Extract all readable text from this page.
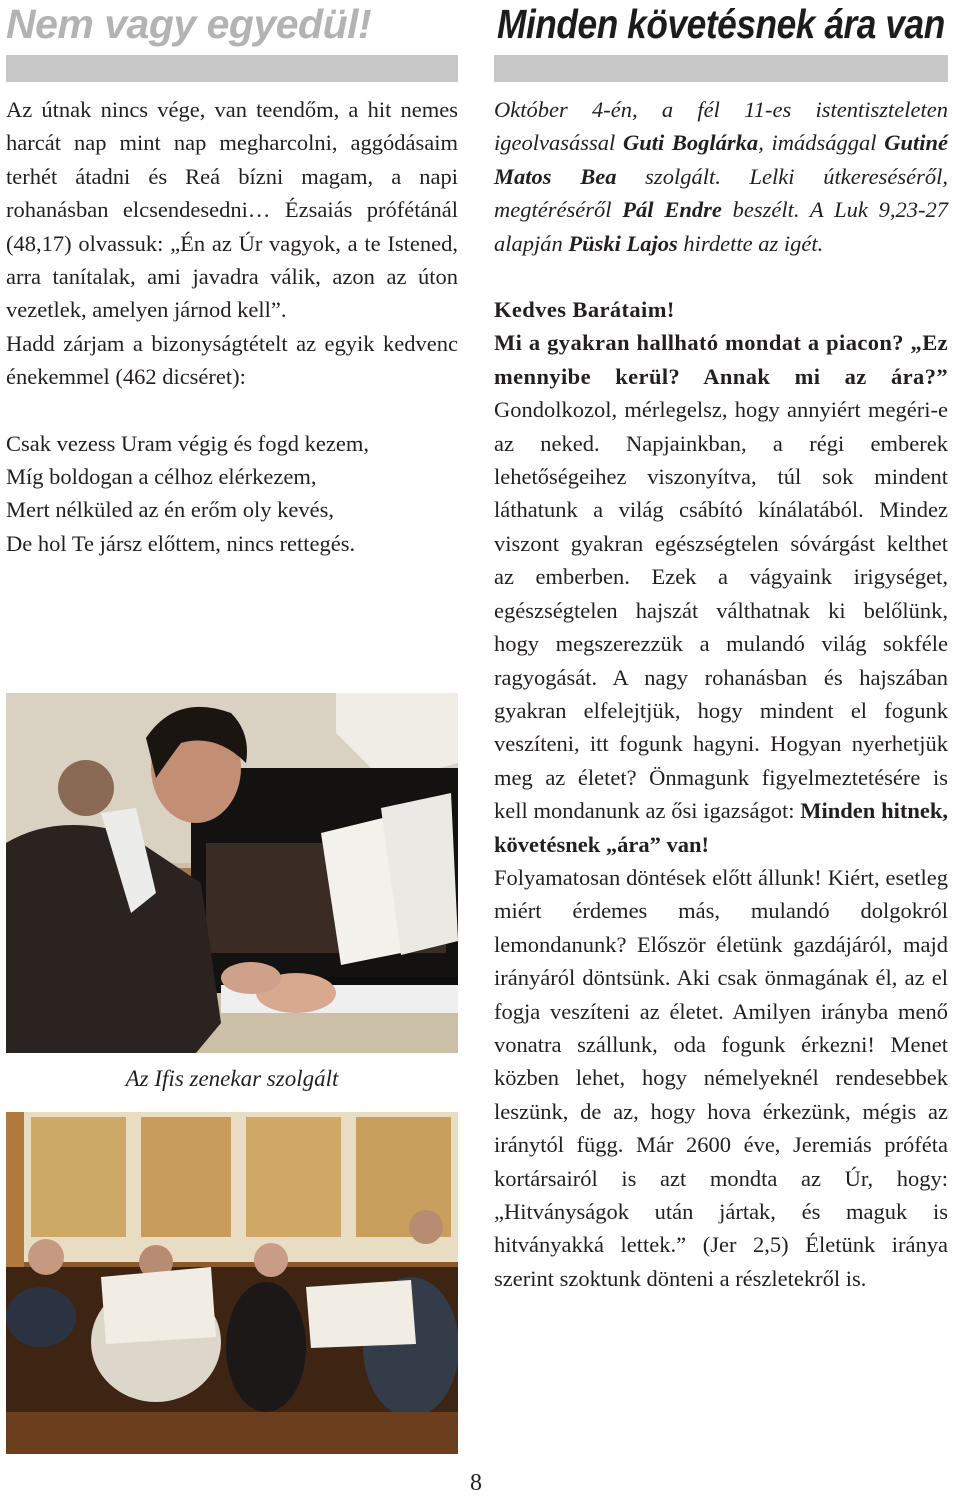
Nem vagy egyedül!

Az útnak nincs vége, van teendőm, a hit nemes harcát nap mint nap megharcolni, aggódásaim terhét átadni és Reá bízni magam, a napi rohanásban elcsendesedni… Ézsaiás prófétánál (48,17) olvassuk: „Én az Úr vagyok, a te Istened, arra tanítalak, ami javadra válik, azon az úton vezetlek, amelyen járnod kell”.

Hadd zárjam a bizonyságtételt az egyik kedvenc énekemmel (462 dicséret):

Csak vezess Uram végig és fogd kezem,
Míg boldogan a célhoz elérkezem,
Mert nélküled az én erőm oly kevés,
De hol Te jársz előttem, nincs rettegés.
Az Ifis zenekar szolgált
Minden követésnek ára van

Október 4-én, a fél 11-es istentiszteleten igeolvasással Guti Boglárka, imádsággal Gutiné Matos Bea szolgált. Lelki útkereséséről, megtéréséről Pál Endre beszélt. A Luk 9,23-27 alapján Püski Lajos hirdette az igét.

Kedves Barátaim!

Mi a gyakran hallható mondat a piacon? „Ez mennyibe kerül? Annak mi az ára?” Gondolkozol, mérlegelsz, hogy annyiért megéri-e az neked. Napjainkban, a régi emberek lehetőségeihez viszonyítva, túl sok mindent láthatunk a világ csábító kínálatából. Mindez viszont gyakran egészségtelen sóvárgást kelthet az emberben. Ezek a vágyaink irigységet, egészségtelen hajszát válthatnak ki belőlünk, hogy megszerezzük a mulandó világ sokféle ragyogását. A nagy rohanásban és hajszában gyakran elfelejtjük, hogy mindent el fogunk veszíteni, itt fogunk hagyni. Hogyan nyerhetjük meg az életet? Önmagunk figyelmeztetésére is kell mondanunk az ősi igazságot: Minden hitnek, követésnek „ára” van!

Folyamatosan döntések előtt állunk! Kiért, esetleg miért érdemes más, mulandó dolgokról lemondanunk? Először életünk gazdájáról, majd irányáról döntsünk. Aki csak önmagának él, az el fogja veszíteni az életet. Amilyen irányba menő vonatra szállunk, oda fogunk érkezni! Menet közben lehet, hogy némelyeknél rendesebbek leszünk, de az, hogy hova érkezünk, mégis az iránytól függ. Már 2600 éve, Jeremiás próféta kortársairól is azt mondta az Úr, hogy: „Hitványságok után jártak, és maguk is hitványakká lettek.” (Jer 2,5) Életünk iránya szerint szoktunk dönteni a részletekről is.

8
